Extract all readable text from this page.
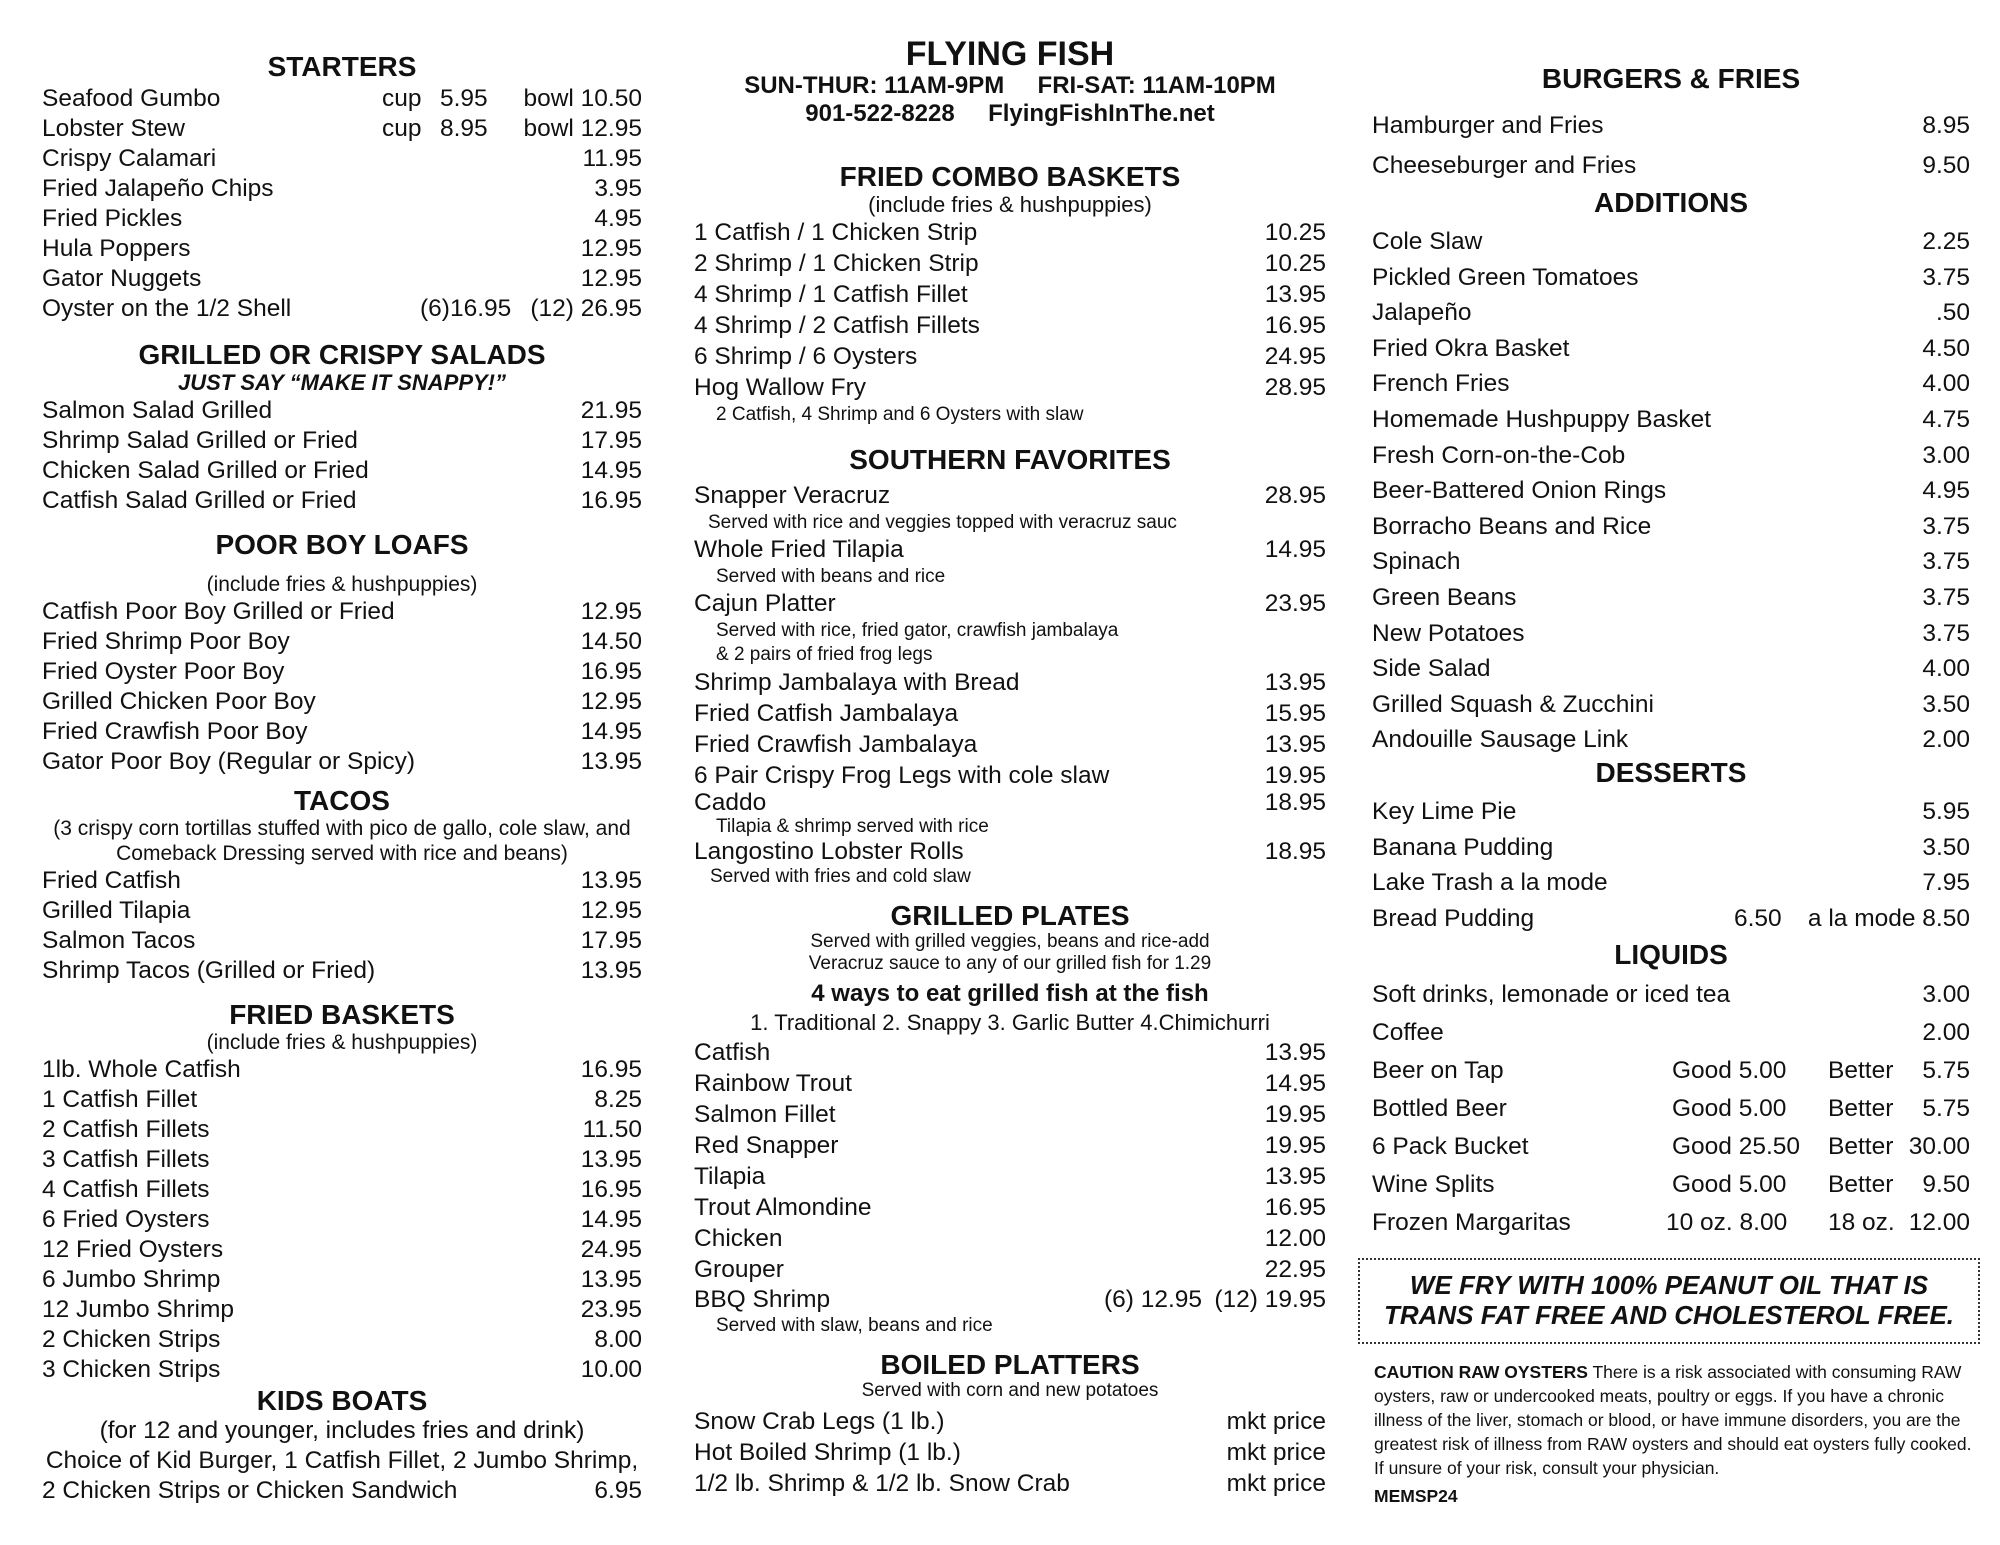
STARTERS
Seafood Gumbo	cup 5.95 bowl 10.50
Lobster Stew	cup 8.95 bowl 12.95
Crispy Calamari	11.95
Fried Jalapeño Chips	3.95
Fried Pickles	4.95
Hula Poppers	12.95
Gator Nuggets	12.95
Oyster on the 1/2 Shell	(6)16.95 (12) 26.95
GRILLED OR CRISPY SALADS
JUST SAY “MAKE IT SNAPPY!”
Salmon Salad Grilled	21.95
Shrimp Salad Grilled or Fried	17.95
Chicken Salad Grilled or Fried	14.95
Catfish Salad Grilled or Fried	16.95
POOR BOY LOAFS
(include fries & hushpuppies)
Catfish Poor Boy Grilled or Fried	12.95
Fried Shrimp Poor Boy	14.50
Fried Oyster Poor Boy	16.95
Grilled Chicken Poor Boy	12.95
Fried Crawfish Poor Boy	14.95
Gator Poor Boy (Regular or Spicy)	13.95
TACOS
(3 crispy corn tortillas stuffed with pico de gallo, cole slaw, and
Comeback Dressing served with rice and beans)
Fried Catfish	13.95
Grilled Tilapia	12.95
Salmon Tacos	17.95
Shrimp Tacos (Grilled or Fried)	13.95
FRIED BASKETS
(include fries & hushpuppies)
1lb. Whole Catfish	16.95
1 Catfish Fillet	8.25
2 Catfish Fillets	11.50
3 Catfish Fillets	13.95
4 Catfish Fillets	16.95
6 Fried Oysters	14.95
12 Fried Oysters	24.95
6 Jumbo Shrimp	13.95
12 Jumbo Shrimp	23.95
2 Chicken Strips	8.00
3 Chicken Strips	10.00
KIDS BOATS
(for 12 and younger, includes fries and drink)
Choice of Kid Burger, 1 Catfish Fillet, 2 Jumbo Shrimp,
2 Chicken Strips or Chicken Sandwich	6.95
FLYING FISH
SUN-THUR: 11AM-9PM FRI-SAT: 11AM-10PM
901-522-8228 FlyingFishInThe.net
FRIED COMBO BASKETS
(include fries & hushpuppies)
1 Catfish / 1 Chicken Strip	10.25
2 Shrimp / 1 Chicken Strip	10.25
4 Shrimp / 1 Catfish Fillet	13.95
4 Shrimp / 2 Catfish Fillets	16.95
6 Shrimp / 6 Oysters	24.95
Hog Wallow Fry	28.95
2 Catfish, 4 Shrimp and 6 Oysters with slaw
SOUTHERN FAVORITES
Snapper Veracruz	28.95
Served with rice and veggies topped with veracruz sauc
Whole Fried Tilapia	14.95
Served with beans and rice
Cajun Platter	23.95
Served with rice, fried gator, crawfish jambalaya
& 2 pairs of fried frog legs
Shrimp Jambalaya with Bread	13.95
Fried Catfish Jambalaya	15.95
Fried Crawfish Jambalaya	13.95
6 Pair Crispy Frog Legs with cole slaw	19.95
Caddo	18.95
Tilapia & shrimp served with rice
Langostino Lobster Rolls	18.95
Served with fries and cold slaw
GRILLED PLATES
Served with grilled veggies, beans and rice-add
Veracruz sauce to any of our grilled fish for 1.29
4 ways to eat grilled fish at the fish
1. Traditional 2. Snappy 3. Garlic Butter 4.Chimichurri
Catfish	13.95
Rainbow Trout	14.95
Salmon Fillet	19.95
Red Snapper	19.95
Tilapia	13.95
Trout Almondine	16.95
Chicken	12.00
Grouper	22.95
BBQ Shrimp	(6) 12.95 (12) 19.95
Served with slaw, beans and rice
BOILED PLATTERS
Served with corn and new potatoes
Snow Crab Legs (1 lb.)	mkt price
Hot Boiled Shrimp (1 lb.)	mkt price
1/2 lb. Shrimp & 1/2 lb. Snow Crab	mkt price
BURGERS & FRIES
Hamburger and Fries	8.95
Cheeseburger and Fries	9.50
ADDITIONS
Cole Slaw	2.25
Pickled Green Tomatoes	3.75
Jalapeño	.50
Fried Okra Basket	4.50
French Fries	4.00
Homemade Hushpuppy Basket	4.75
Fresh Corn-on-the-Cob	3.00
Beer-Battered Onion Rings	4.95
Borracho Beans and Rice	3.75
Spinach	3.75
Green Beans	3.75
New Potatoes	3.75
Side Salad	4.00
Grilled Squash & Zucchini	3.50
Andouille Sausage Link	2.00
DESSERTS
Key Lime Pie	5.95
Banana Pudding	3.50
Lake Trash a la mode	7.95
Bread Pudding	6.50 a la mode 8.50
LIQUIDS
Soft drinks, lemonade or iced tea	3.00
Coffee	2.00
Beer on Tap	Good 5.00 Better 5.75
Bottled Beer	Good 5.00 Better 5.75
6 Pack Bucket	Good 25.50 Better 30.00
Wine Splits	Good 5.00 Better 9.50
Frozen Margaritas	10 oz. 8.00 18 oz. 12.00
WE FRY WITH 100% PEANUT OIL THAT IS
TRANS FAT FREE AND CHOLESTEROL FREE.
CAUTION RAW OYSTERS There is a risk associated with consuming RAW oysters, raw or undercooked meats, poultry or eggs. If you have a chronic illness of the liver, stomach or blood, or have immune disorders, you are the greatest risk of illness from RAW oysters and should eat oysters fully cooked. If unsure of your risk, consult your physician.
MEMSP24
